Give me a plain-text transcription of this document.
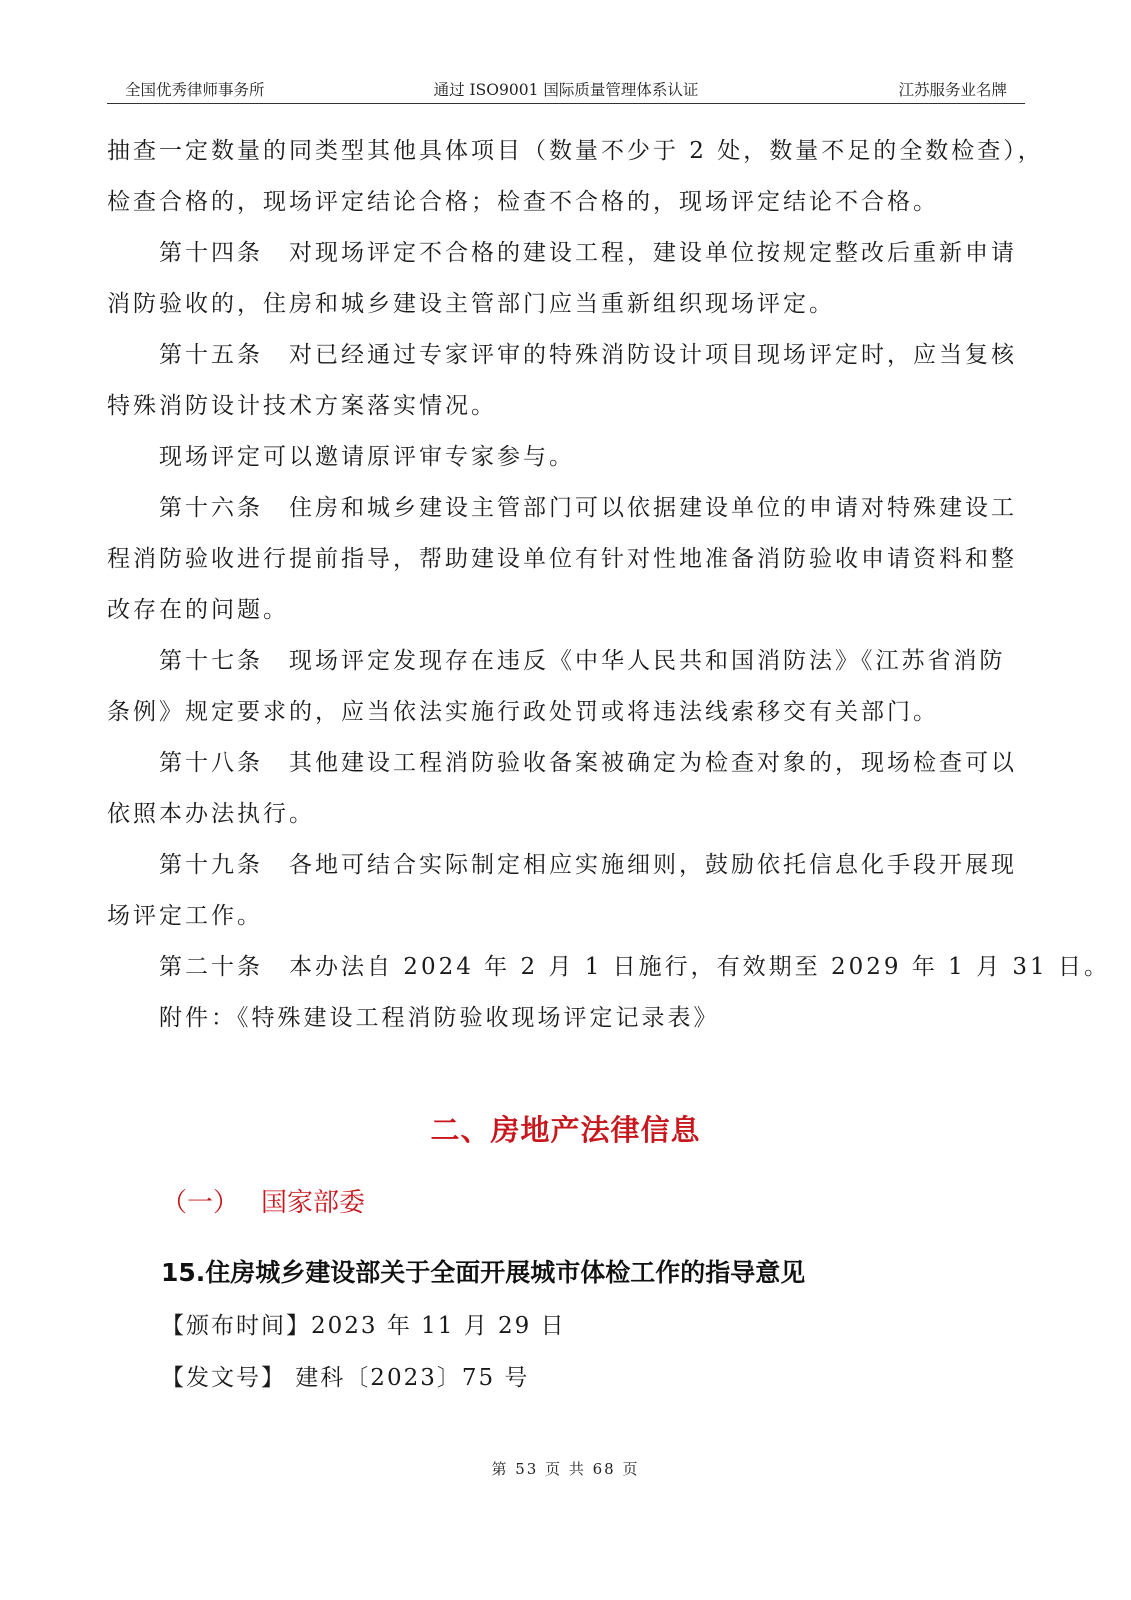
全国优秀律师事务所	通过 ISO9001 国际质量管理体系认证	江苏服务业名牌

抽查一定数量的同类型其他具体项目（数量不少于 2 处，数量不足的全数检查），

检查合格的，现场评定结论合格；检查不合格的，现场评定结论不合格。

第十四条　对现场评定不合格的建设工程，建设单位按规定整改后重新申请

消防验收的，住房和城乡建设主管部门应当重新组织现场评定。

第十五条　对已经通过专家评审的特殊消防设计项目现场评定时，应当复核

特殊消防设计技术方案落实情况。

现场评定可以邀请原评审专家参与。

第十六条　住房和城乡建设主管部门可以依据建设单位的申请对特殊建设工

程消防验收进行提前指导，帮助建设单位有针对性地准备消防验收申请资料和整

改存在的问题。

第十七条　现场评定发现存在违反《中华人民共和国消防法》《江苏省消防

条例》规定要求的，应当依法实施行政处罚或将违法线索移交有关部门。

第十八条　其他建设工程消防验收备案被确定为检查对象的，现场检查可以

依照本办法执行。

第十九条　各地可结合实际制定相应实施细则，鼓励依托信息化手段开展现

场评定工作。

第二十条　本办法自 2024 年 2 月 1 日施行，有效期至 2029 年 1 月 31 日。

附件：《特殊建设工程消防验收现场评定记录表》

二、房地产法律信息
（一） 国家部委
15.住房城乡建设部关于全面开展城市体检工作的指导意见
【颁布时间】2023 年 11 月 29 日
【发文号】 建科〔2023〕75 号
第 53 页 共 68 页
